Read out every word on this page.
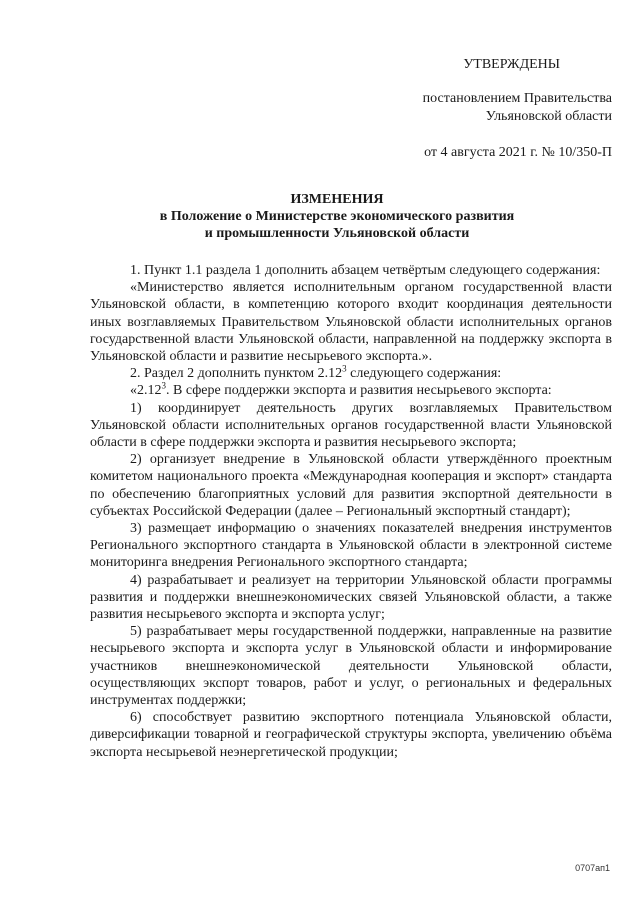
УТВЕРЖДЕНЫ
постановлением Правительства
Ульяновской области
от 4 августа 2021 г. № 10/350-П
ИЗМЕНЕНИЯ
в Положение о Министерстве экономического развития
и промышленности Ульяновской области

1. Пункт 1.1 раздела 1 дополнить абзацем четвёртым следующего содержания:

«Министерство является исполнительным органом государственной власти Ульяновской области, в компетенцию которого входит координация деятельности иных возглавляемых Правительством Ульяновской области исполнительных органов государственной власти Ульяновской области, направленной на поддержку экспорта в Ульяновской области и развитие несырьевого экспорта.».

2. Раздел 2 дополнить пунктом 2.12$^3$ следующего содержания:

«2.12$^3$. В сфере поддержки экспорта и развития несырьевого экспорта:

1) координирует деятельность других возглавляемых Правительством Ульяновской области исполнительных органов государственной власти Ульяновской области в сфере поддержки экспорта и развития несырьевого экспорта;

2) организует внедрение в Ульяновской области утверждённого проектным комитетом национального проекта «Международная кооперация и экспорт» стандарта по обеспечению благоприятных условий для развития экспортной деятельности в субъектах Российской Федерации (далее – Региональный экспортный стандарт);

3) размещает информацию о значениях показателей внедрения инструментов Регионального экспортного стандарта в Ульяновской области в электронной системе мониторинга внедрения Регионального экспортного стандарта;

4) разрабатывает и реализует на территории Ульяновской области программы развития и поддержки внешнеэкономических связей Ульяновской области, а также развития несырьевого экспорта и экспорта услуг;

5) разрабатывает меры государственной поддержки, направленные на развитие несырьевого экспорта и экспорта услуг в Ульяновской области и информирование участников внешнеэкономической деятельности Ульяновской области, осуществляющих экспорт товаров, работ и услуг, о региональных и федеральных инструментах поддержки;

6) способствует развитию экспортного потенциала Ульяновской области, диверсификации товарной и географической структуры экспорта, увеличению объёма экспорта несырьевой неэнергетической продукции;

0707ап1
